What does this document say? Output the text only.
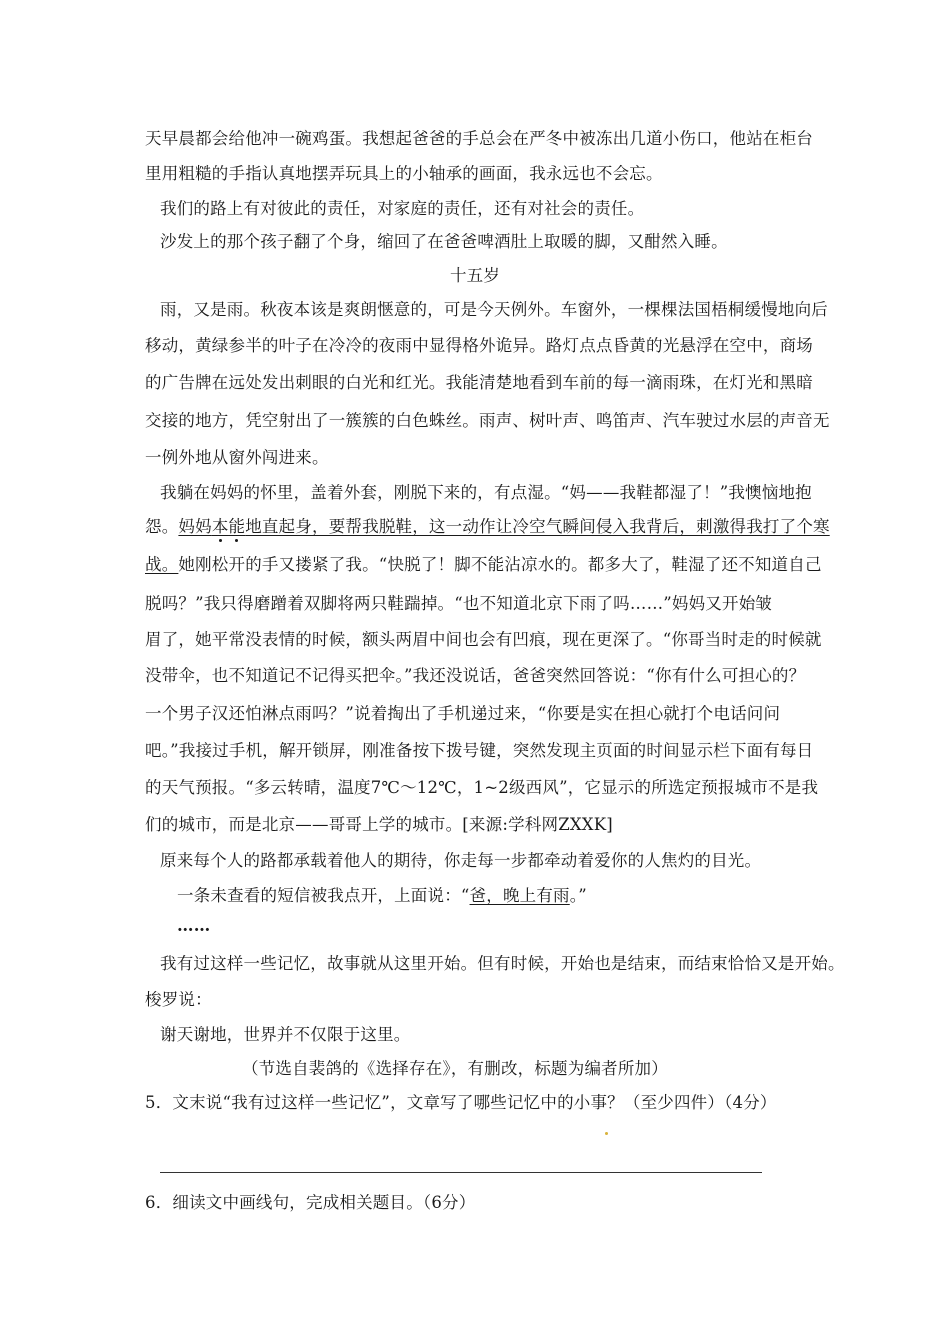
天早晨都会给他冲一碗鸡蛋。我想起爸爸的手总会在严冬中被冻出几道小伤口，他站在柜台
里用粗糙的手指认真地摆弄玩具上的小轴承的画面，我永远也不会忘。
我们的路上有对彼此的责任，对家庭的责任，还有对社会的责任。
沙发上的那个孩子翻了个身，缩回了在爸爸啤酒肚上取暖的脚，又酣然入睡。
十五岁
雨，又是雨。秋夜本该是爽朗惬意的，可是今天例外。车窗外，一棵棵法国梧桐缓慢地向后
移动，黄绿参半的叶子在冷冷的夜雨中显得格外诡异。路灯点点昏黄的光悬浮在空中，商场
的广告牌在远处发出刺眼的白光和红光。我能清楚地看到车前的每一滴雨珠，在灯光和黑暗
交接的地方，凭空射出了一簇簇的白色蛛丝。雨声、树叶声、鸣笛声、汽车驶过水层的声音无
一例外地从窗外闯进来。
我躺在妈妈的怀里，盖着外套，刚脱下来的，有点湿。“妈——我鞋都湿了！”我懊恼地抱
怨。妈妈本能地直起身，要帮我脱鞋，这一动作让冷空气瞬间侵入我背后，刺激得我打了个寒
战。她刚松开的手又搂紧了我。“快脱了！脚不能沾凉水的。都多大了，鞋湿了还不知道自己
脱吗？”我只得磨蹭着双脚将两只鞋踹掉。“也不知道北京下雨了吗……”妈妈又开始皱
眉了，她平常没表情的时候，额头两眉中间也会有凹痕，现在更深了。“你哥当时走的时候就
没带伞，也不知道记不记得买把伞。”我还没说话，爸爸突然回答说：“你有什么可担心的？
一个男子汉还怕淋点雨吗？”说着掏出了手机递过来，“你要是实在担心就打个电话问问
吧。”我接过手机，解开锁屏，刚准备按下拨号键，突然发现主页面的时间显示栏下面有每日
的天气预报。“多云转晴，温度7℃～12℃，1~2级西风”，它显示的所选定预报城市不是我
们的城市，而是北京——哥哥上学的城市。[来源:学科网ZXXK]
原来每个人的路都承载着他人的期待，你走每一步都牵动着爱你的人焦灼的目光。
一条未查看的短信被我点开，上面说：“爸，晚上有雨。”
……
我有过这样一些记忆，故事就从这里开始。但有时候，开始也是结束，而结束恰恰又是开始。
梭罗说：
谢天谢地，世界并不仅限于这里。
（节选自裴鸽的《选择存在》，有删改，标题为编者所加）
5．文末说“我有过这样一些记忆”，文章写了哪些记忆中的小事？（至少四件）（4分）
6．细读文中画线句，完成相关题目。（6分）
